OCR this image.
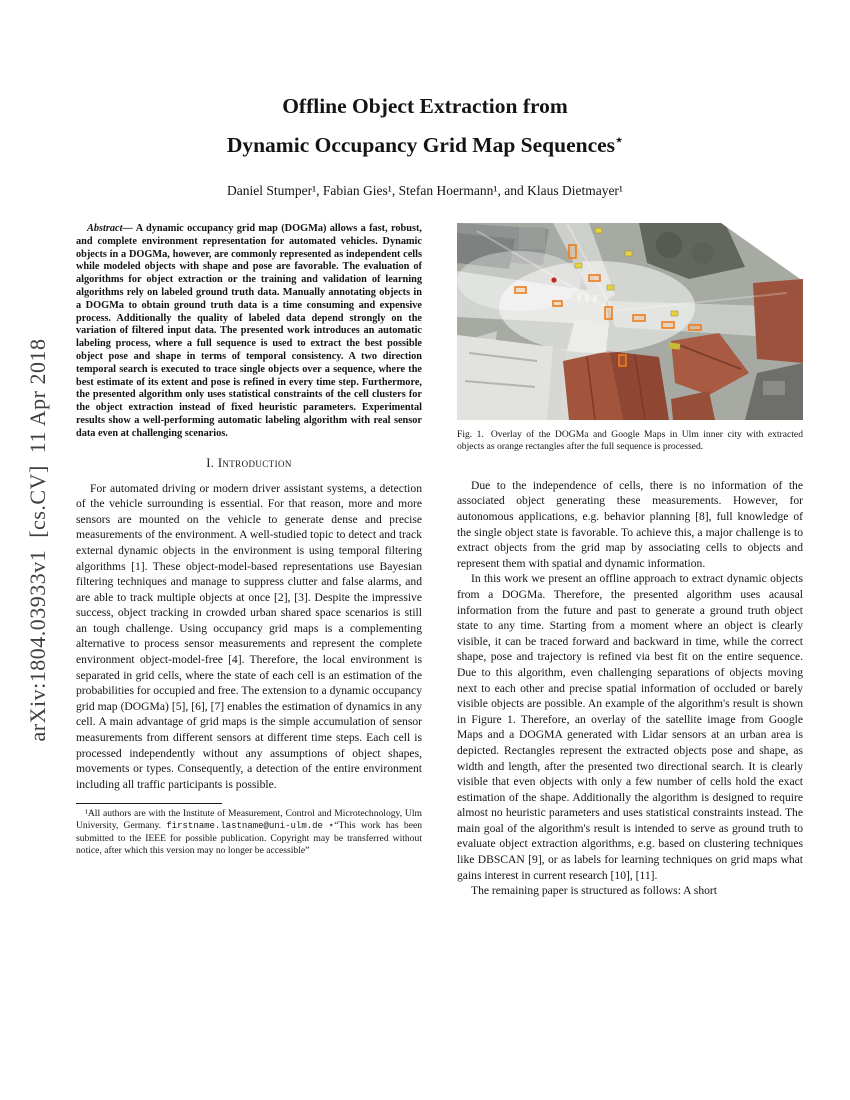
arXiv:1804.03933v1  [cs.CV]  11 Apr 2018
Offline Object Extraction from
Dynamic Occupancy Grid Map Sequences⋆
Daniel Stumper¹, Fabian Gies¹, Stefan Hoermann¹, and Klaus Dietmayer¹

Abstract— A dynamic occupancy grid map (DOGMa) allows a fast, robust, and complete environment representation for automated vehicles. Dynamic objects in a DOGMa, however, are commonly represented as independent cells while modeled objects with shape and pose are favorable. The evaluation of algorithms for object extraction or the training and validation of learning algorithms rely on labeled ground truth data. Manually annotating objects in a DOGMa to obtain ground truth data is a time consuming and expensive process. Additionally the quality of labeled data depend strongly on the variation of filtered input data. The presented work introduces an automatic labeling process, where a full sequence is used to extract the best possible object pose and shape in terms of temporal consistency. A two direction temporal search is executed to trace single objects over a sequence, where the best estimate of its extent and pose is refined in every time step. Furthermore, the presented algorithm only uses statistical constraints of the cell clusters for the object extraction instead of fixed heuristic parameters. Experimental results show a well-performing automatic labeling algorithm with real sensor data even at challenging scenarios.

I. Introduction

For automated driving or modern driver assistant systems, a detection of the vehicle surrounding is essential. For that reason, more and more sensors are mounted on the vehicle to generate dense and precise measurements of the environment. A well-studied topic to detect and track external dynamic objects in the environment is using temporal filtering algorithms [1]. These object-model-based representations use Bayesian filtering techniques and manage to suppress clutter and false alarms, and are able to track multiple objects at once [2], [3]. Despite the impressive success, object tracking in crowded urban shared space scenarios is still an tough challenge. Using occupancy grid maps is a complementing alternative to process sensor measurements and represent the complete environment object-model-free [4]. Therefore, the local environment is separated in grid cells, where the state of each cell is an estimation of the probabilities for occupied and free. The extension to a dynamic occupancy grid map (DOGMa) [5], [6], [7] enables the estimation of dynamics in any cell. A main advantage of grid maps is the simple accumulation of sensor measurements from different sensors at different time steps. Each cell is processed independently without any assumptions of object shapes, movements or types. Consequently, a detection of the entire environment including all traffic participants is possible.

¹All authors are with the Institute of Measurement, Control and Microtechnology, Ulm University, Germany. firstname.lastname@uni-ulm.de ⋆“This work has been submitted to the IEEE for possible publication. Copyright may be transferred without notice, after which this version may no longer be accessible”

Fig. 1. Overlay of the DOGMa and Google Maps in Ulm inner city with extracted objects as orange rectangles after the full sequence is processed.

Due to the independence of cells, there is no information of the associated object generating these measurements. However, for autonomous applications, e.g. behavior planning [8], full knowledge of the single object state is favorable. To achieve this, a major challenge is to extract objects from the grid map by associating cells to objects and represent them with spatial and dynamic information.

In this work we present an offline approach to extract dynamic objects from a DOGMa. Therefore, the presented algorithm uses acausal information from the future and past to generate a ground truth object state to any time. Starting from a moment where an object is clearly visible, it can be traced forward and backward in time, while the correct shape, pose and trajectory is refined via best fit on the entire sequence. Due to this algorithm, even challenging separations of objects moving next to each other and precise spatial information of occluded or barely visible objects are possible. An example of the algorithm's result is shown in Figure 1. Therefore, an overlay of the satellite image from Google Maps and a DOGMA generated with Lidar sensors at an urban area is depicted. Rectangles represent the extracted objects pose and shape, as width and length, after the presented two directional search. It is clearly visible that even objects with only a few number of cells hold the exact estimation of the shape. Additionally the algorithm is designed to require almost no heuristic parameters and uses statistical constraints instead. The main goal of the algorithm's result is intended to serve as ground truth to evaluate object extraction algorithms, e.g. based on clustering techniques like DBSCAN [9], or as labels for learning techniques on grid maps what gains interest in current research [10], [11].

The remaining paper is structured as follows: A short
